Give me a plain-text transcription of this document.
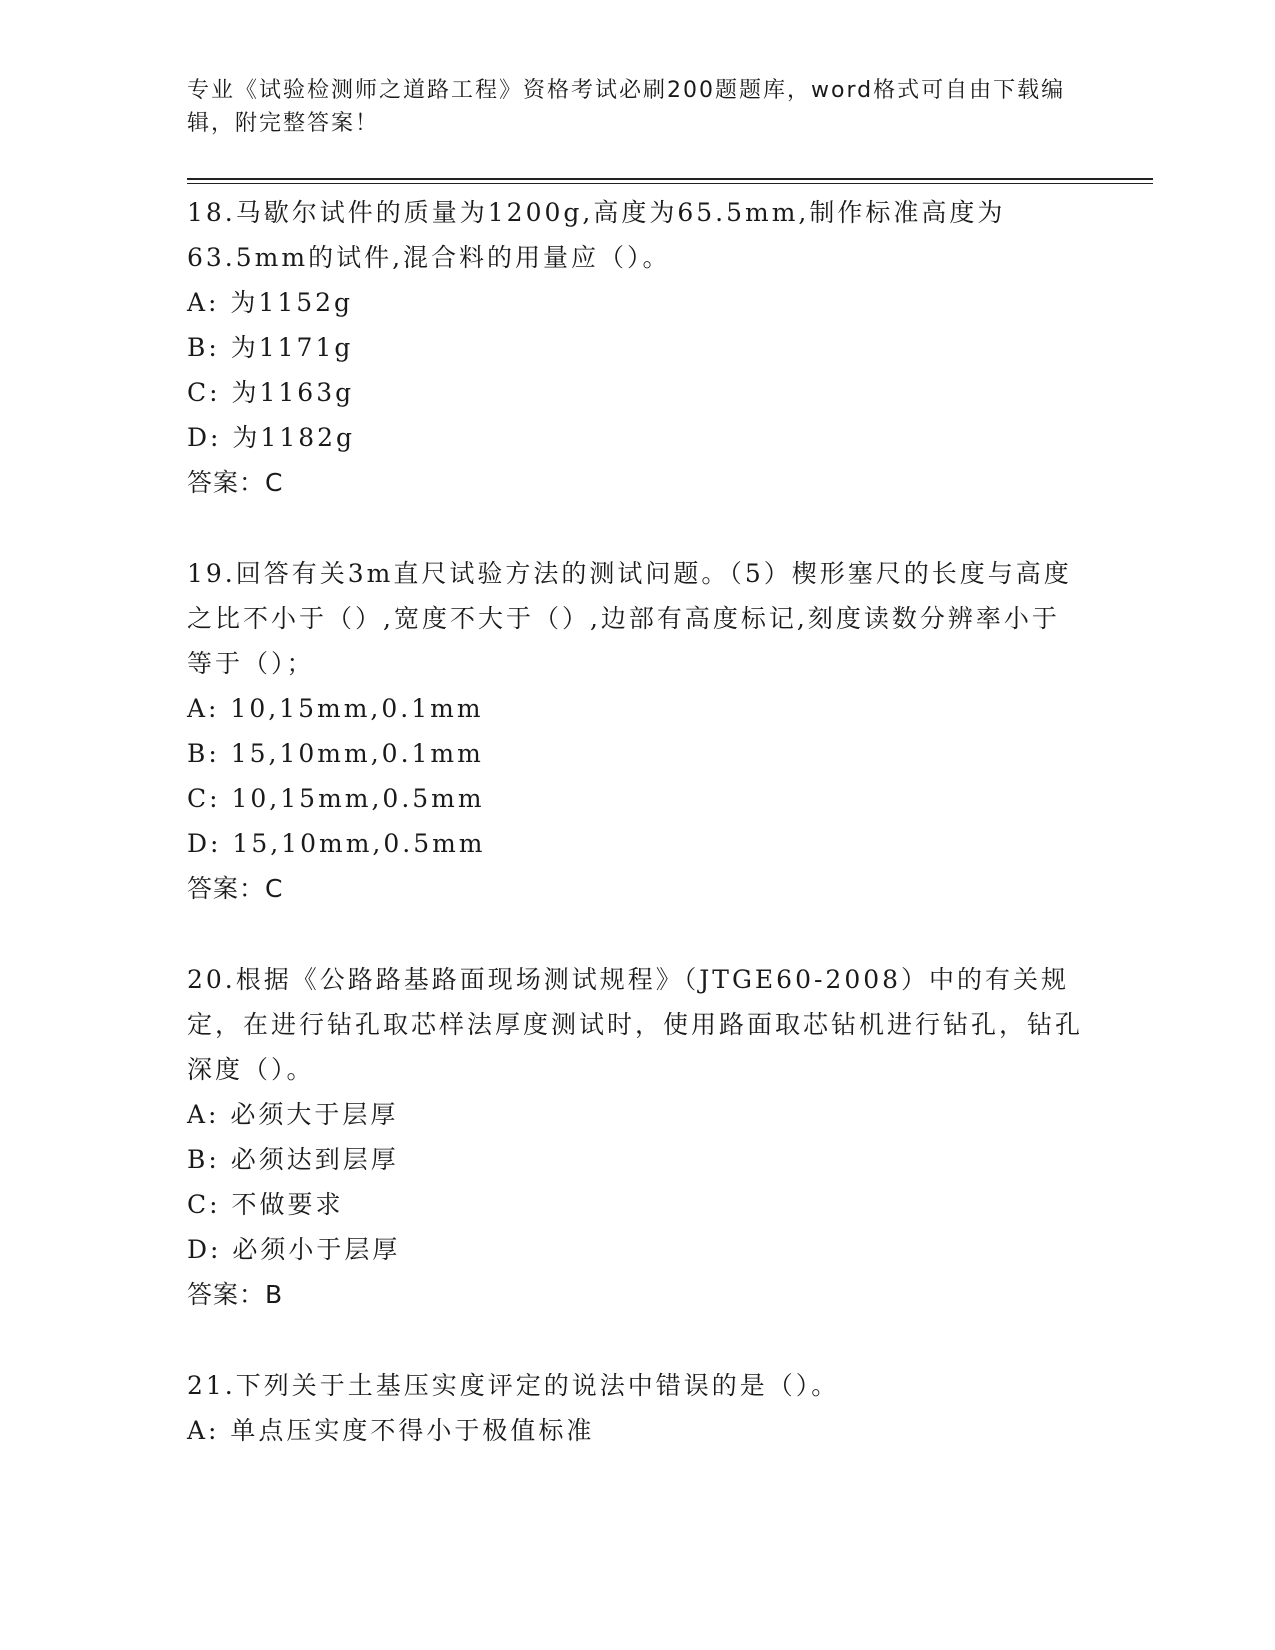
专业《试验检测师之道路工程》资格考试必刷200题题库，word格式可自由下载编辑，附完整答案！
18.马歇尔试件的质量为1200g,高度为65.5mm,制作标准高度为63.5mm的试件,混合料的用量应（）。
A: 为1152g
B: 为1171g
C: 为1163g
D: 为1182g
答案：C
19.回答有关3m直尺试验方法的测试问题。（5）楔形塞尺的长度与高度之比不小于（）,宽度不大于（）,边部有高度标记,刻度读数分辨率小于等于（）；
A: 10,15mm,0.1mm
B: 15,10mm,0.1mm
C: 10,15mm,0.5mm
D: 15,10mm,0.5mm
答案：C
20.根据《公路路基路面现场测试规程》（JTGE60-2008）中的有关规定，在进行钻孔取芯样法厚度测试时，使用路面取芯钻机进行钻孔，钻孔深度（）。
A: 必须大于层厚
B: 必须达到层厚
C: 不做要求
D: 必须小于层厚
答案：B
21.下列关于土基压实度评定的说法中错误的是（）。
A: 单点压实度不得小于极值标准
